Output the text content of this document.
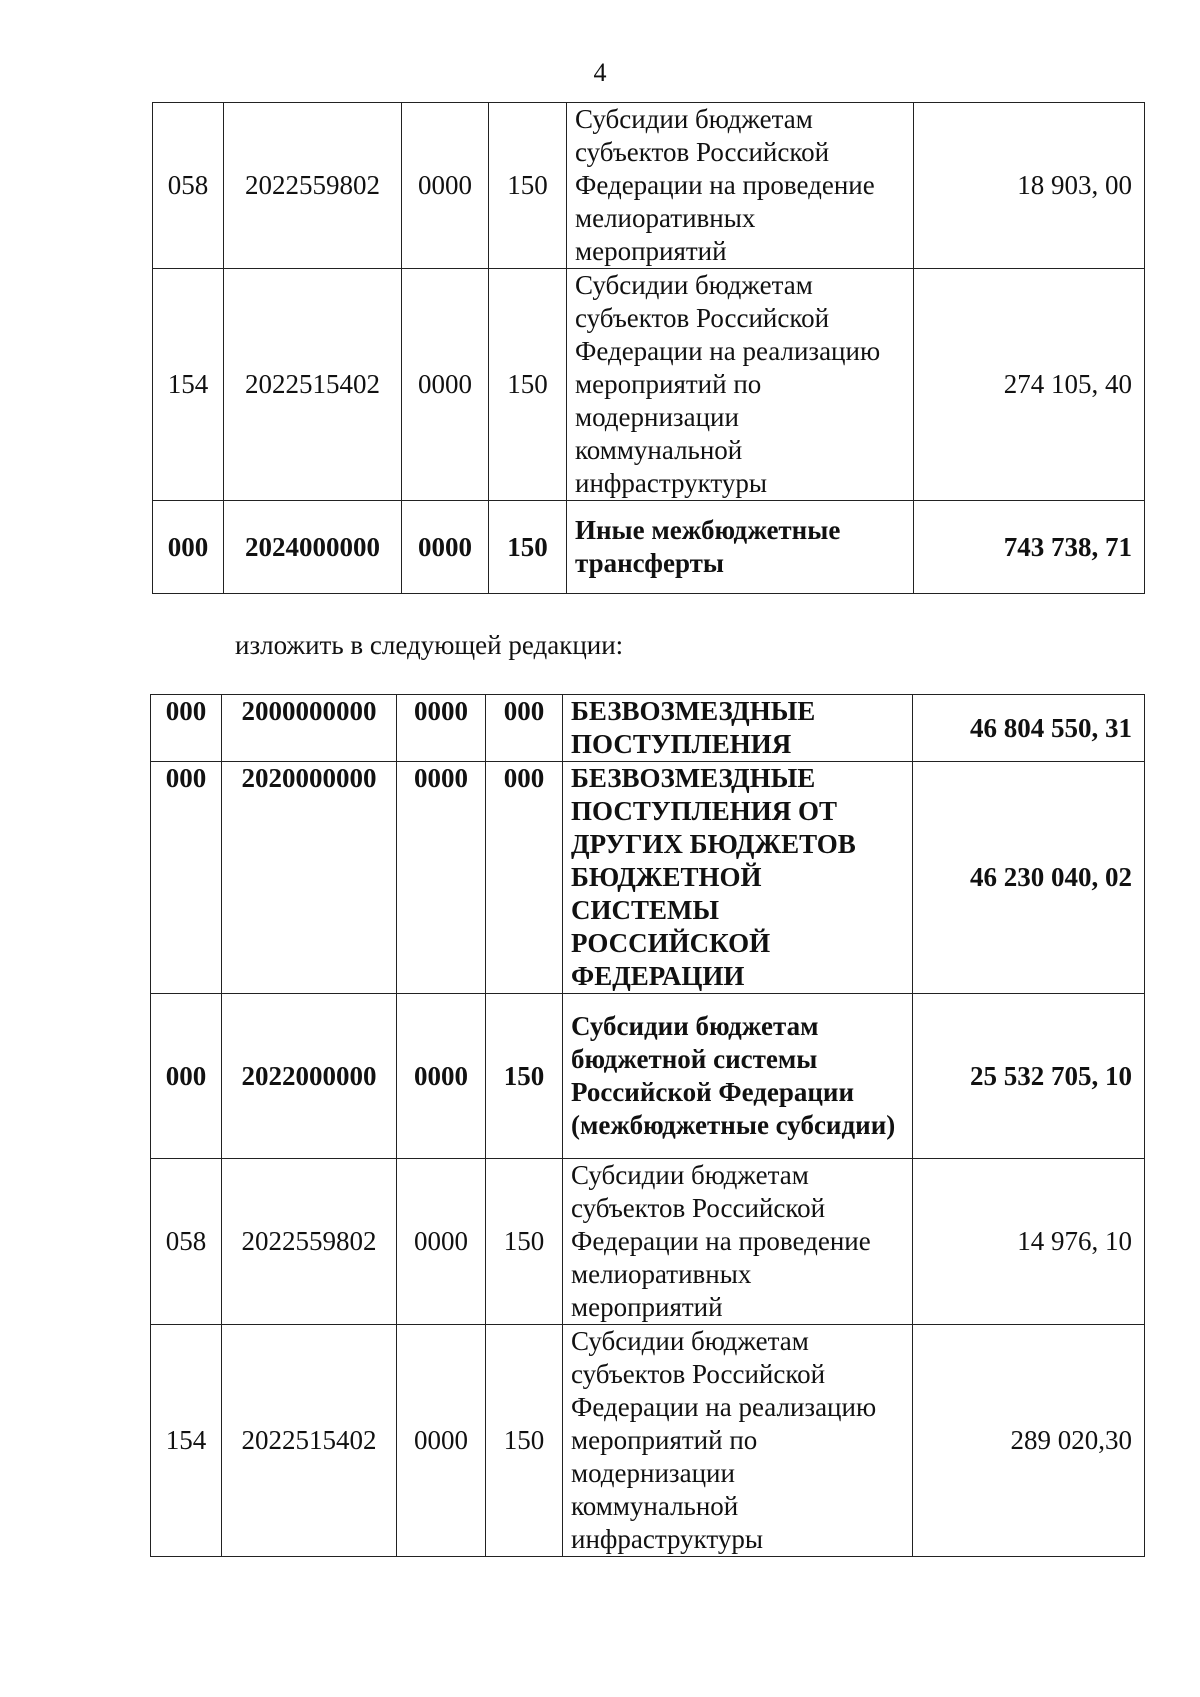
4
058	2022559802	0000	150	Субсидии бюджетам субъектов Российской Федерации на проведение мелиоративных мероприятий	18 903, 00
154	2022515402	0000	150	Субсидии бюджетам субъектов Российской Федерации на реализацию мероприятий по модернизации коммунальной инфраструктуры	274 105, 40
000	2024000000	0000	150	Иные межбюджетные трансферты	743 738, 71
изложить в следующей редакции:
000	2000000000	0000	000	БЕЗВОЗМЕЗДНЫЕ ПОСТУПЛЕНИЯ	46 804 550, 31
000	2020000000	0000	000	БЕЗВОЗМЕЗДНЫЕ ПОСТУПЛЕНИЯ ОТ ДРУГИХ БЮДЖЕТОВ БЮДЖЕТНОЙ СИСТЕМЫ РОССИЙСКОЙ ФЕДЕРАЦИИ	46 230 040, 02
000	2022000000	0000	150	Субсидии бюджетам бюджетной системы Российской Федерации (межбюджетные субсидии)	25 532 705, 10
058	2022559802	0000	150	Субсидии бюджетам субъектов Российской Федерации на проведение мелиоративных мероприятий	14 976, 10
154	2022515402	0000	150	Субсидии бюджетам субъектов Российской Федерации на реализацию мероприятий по модернизации коммунальной инфраструктуры	289 020,30
